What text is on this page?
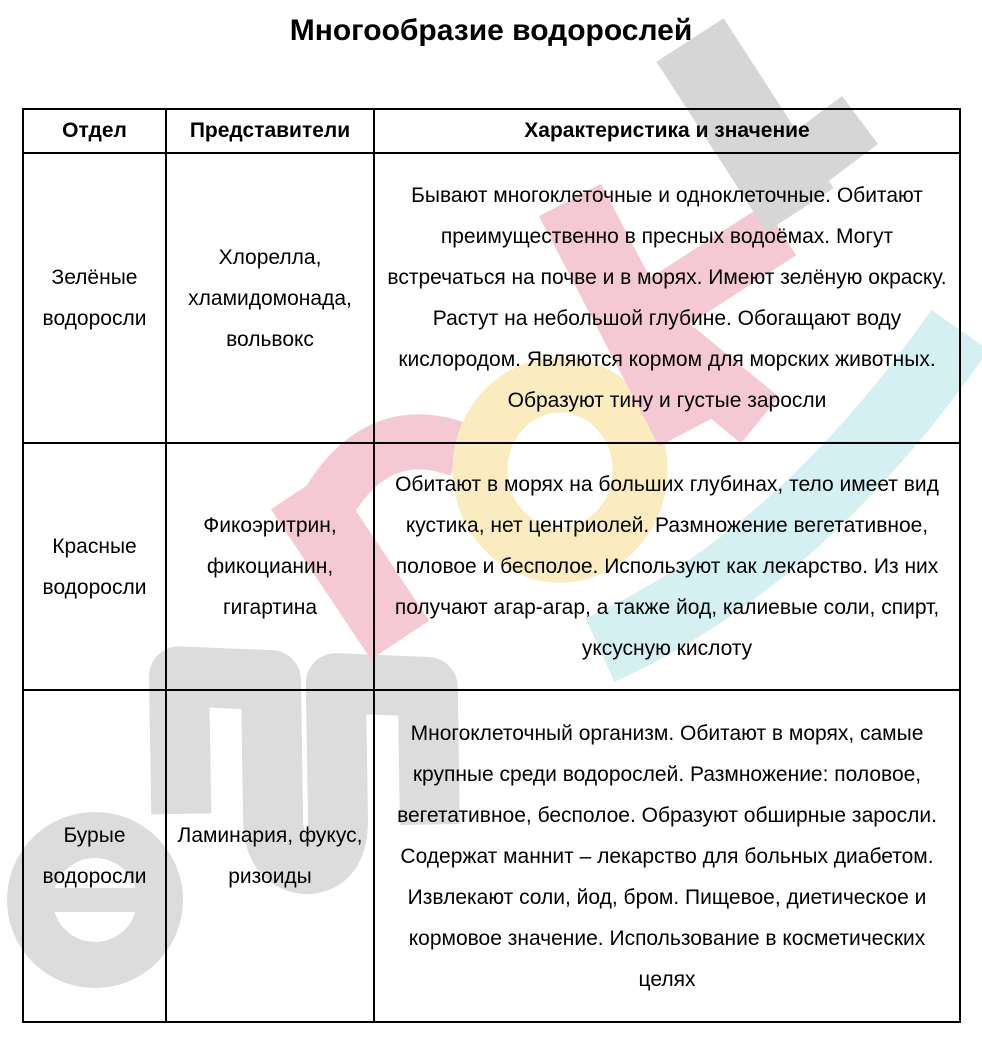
Многообразие водорослей
Отдел	Представители	Характеристика и значение
Зелёные водоросли	Хлорелла, хламидомонада, вольвокс	Бывают многоклеточные и одноклеточные. Обитают преимущественно в пресных водоёмах. Могут встречаться на почве и в морях. Имеют зелёную окраску. Растут на небольшой глубине. Обогащают воду кислородом. Являются кормом для морских животных. Образуют тину и густые заросли
Красные водоросли	Фикоэритрин, фикоцианин, гигартина	Обитают в морях на больших глубинах, тело имеет вид кустика, нет центриолей. Размножение вегетативное, половое и бесполое. Используют как лекарство. Из них получают агар-агар, а также йод, калиевые соли, спирт, уксусную кислоту
Бурые водоросли	Ламинария, фукус, ризоиды	Многоклеточный организм. Обитают в морях, самые крупные среди водорослей. Размножение: половое, вегетативное, бесполое. Образуют обширные заросли. Содержат маннит – лекарство для больных диабетом. Извлекают соли, йод, бром. Пищевое, диетическое и кормовое значение. Использование в косметических целях
